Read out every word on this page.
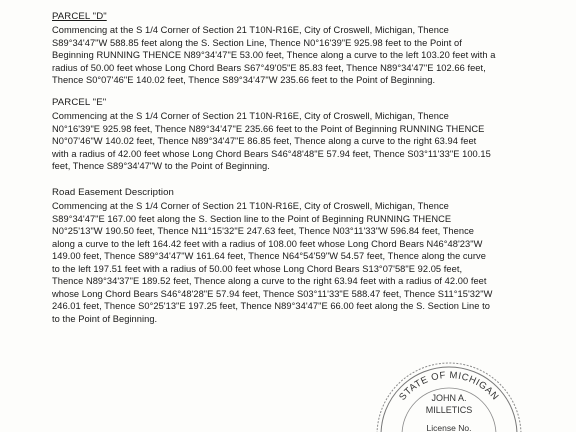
PARCEL "D"
Commencing at the S 1/4 Corner of Section 21 T10N-R16E, City of Croswell, Michigan, Thence
S89°34'47"W 588.85 feet along the S. Section Line, Thence N0°16'39"E 925.98 feet to the Point of
Beginning RUNNING THENCE N89°34'47"E 53.00 feet, Thence along a curve to the left 103.20 feet with a
radius of 50.00 feet whose Long Chord Bears S67°49'05"E 85.83 feet, Thence N89°34'47"E 102.66 feet,
Thence S0°07'46"E 140.02 feet, Thence S89°34'47"W 235.66 feet to the Point of Beginning.
PARCEL "E"
Commencing at the S 1/4 Corner of Section 21 T10N-R16E, City of Croswell, Michigan, Thence
N0°16'39"E 925.98 feet, Thence N89°34'47"E 235.66 feet to the Point of Beginning RUNNING THENCE
N0°07'46"W 140.02 feet, Thence N89°34'47"E 86.85 feet, Thence along a curve to the right 63.94 feet
with a radius of 42.00 feet whose Long Chord Bears S46°48'48"E 57.94 feet, Thence S03°11'33"E 100.15
feet, Thence S89°34'47"W to the Point of Beginning.
Road Easement Description
Commencing at the S 1/4 Corner of Section 21 T10N-R16E, City of Croswell, Michigan, Thence
S89°34'47"E 167.00 feet along the S. Section line to the Point of Beginning RUNNING THENCE
N0°25'13"W 190.50 feet, Thence N11°15'32"E 247.63 feet, Thence N03°11'33"W 596.84 feet, Thence
along a curve to the left 164.42 feet with a radius of 108.00 feet whose Long Chord Bears N46°48'23"W
149.00 feet, Thence S89°34'47"W 161.64 feet, Thence N64°54'59"W 54.57 feet, Thence along the curve
to the left 197.51 feet with a radius of 50.00 feet whose Long Chord Bears S13°07'58"E 92.05 feet,
Thence N89°34'37"E 189.52 feet, Thence along a curve to the right 63.94 feet with a radius of 42.00 feet
whose Long Chord Bears S46°48'28"E 57.94 feet, Thence S03°11'33"E 588.47 feet, Thence S11°15'32"W
246.01 feet, Thence S0°25'13"E 197.25 feet, Thence N89°34'47"E 66.00 feet along the S. Section Line to
to the Point of Beginning.
STATE OF MICHIGAN
JOHN A.
MILLETICS
License No.
